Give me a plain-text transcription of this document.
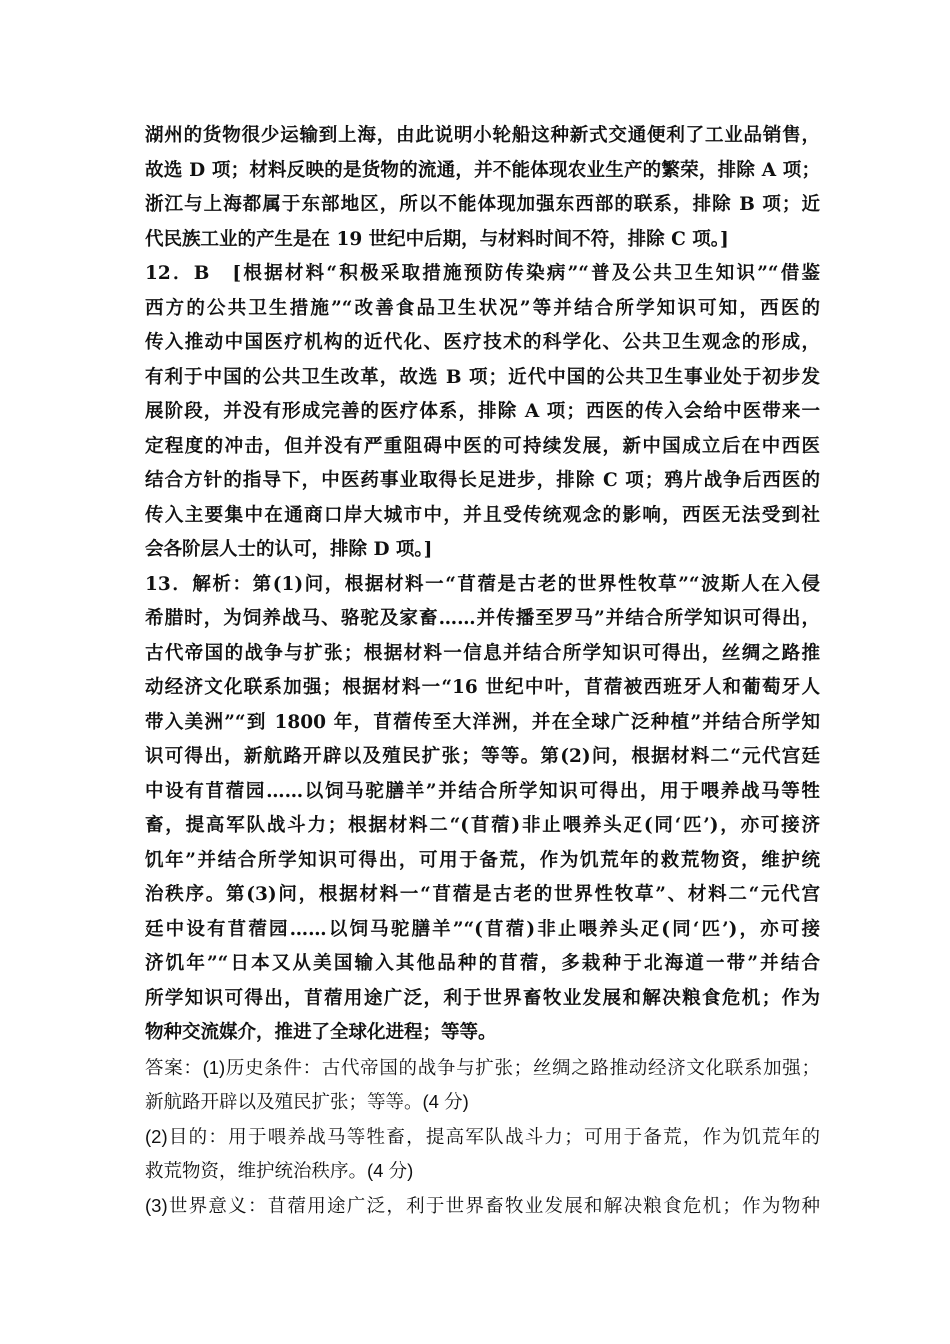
湖州的货物很少运输到上海，由此说明小轮船这种新式交通便利了工业品销售，
故选 D 项；材料反映的是货物的流通，并不能体现农业生产的繁荣，排除 A 项；
浙江与上海都属于东部地区，所以不能体现加强东西部的联系，排除 B 项；近
代民族工业的产生是在 19 世纪中后期，与材料时间不符，排除 C 项。]
12．B　[根据材料“积极采取措施预防传染病”“普及公共卫生知识”“借鉴
西方的公共卫生措施”“改善食品卫生状况”等并结合所学知识可知，西医的
传入推动中国医疗机构的近代化、医疗技术的科学化、公共卫生观念的形成，
有利于中国的公共卫生改革，故选 B 项；近代中国的公共卫生事业处于初步发
展阶段，并没有形成完善的医疗体系，排除 A 项；西医的传入会给中医带来一
定程度的冲击，但并没有严重阻碍中医的可持续发展，新中国成立后在中西医
结合方针的指导下，中医药事业取得长足进步，排除 C 项；鸦片战争后西医的
传入主要集中在通商口岸大城市中，并且受传统观念的影响，西医无法受到社
会各阶层人士的认可，排除 D 项。]
13．解析：第(1)问，根据材料一“苜蓿是古老的世界性牧草”“波斯人在入侵
希腊时，为饲养战马、骆驼及家畜……并传播至罗马”并结合所学知识可得出，
古代帝国的战争与扩张；根据材料一信息并结合所学知识可得出，丝绸之路推
动经济文化联系加强；根据材料一“16 世纪中叶，苜蓿被西班牙人和葡萄牙人
带入美洲”“到 1800 年，苜蓿传至大洋洲，并在全球广泛种植”并结合所学知
识可得出，新航路开辟以及殖民扩张；等等。第(2)问，根据材料二“元代宫廷
中设有苜蓿园……以饲马驼膳羊”并结合所学知识可得出，用于喂养战马等牲
畜，提高军队战斗力；根据材料二“(苜蓿)非止喂养头疋(同‘匹’)，亦可接济
饥年”并结合所学知识可得出，可用于备荒，作为饥荒年的救荒物资，维护统
治秩序。第(3)问，根据材料一“苜蓿是古老的世界性牧草”、材料二“元代宫
廷中设有苜蓿园……以饲马驼膳羊”“(苜蓿)非止喂养头疋(同‘匹’)，亦可接
济饥年”“日本又从美国输入其他品种的苜蓿，多栽种于北海道一带”并结合
所学知识可得出，苜蓿用途广泛，利于世界畜牧业发展和解决粮食危机；作为
物种交流媒介，推进了全球化进程；等等。
答案：(1)历史条件：古代帝国的战争与扩张；丝绸之路推动经济文化联系加强；
新航路开辟以及殖民扩张；等等。(4 分)
(2)目的：用于喂养战马等牲畜，提高军队战斗力；可用于备荒，作为饥荒年的
救荒物资，维护统治秩序。(4 分)
(3)世界意义：苜蓿用途广泛，利于世界畜牧业发展和解决粮食危机；作为物种
